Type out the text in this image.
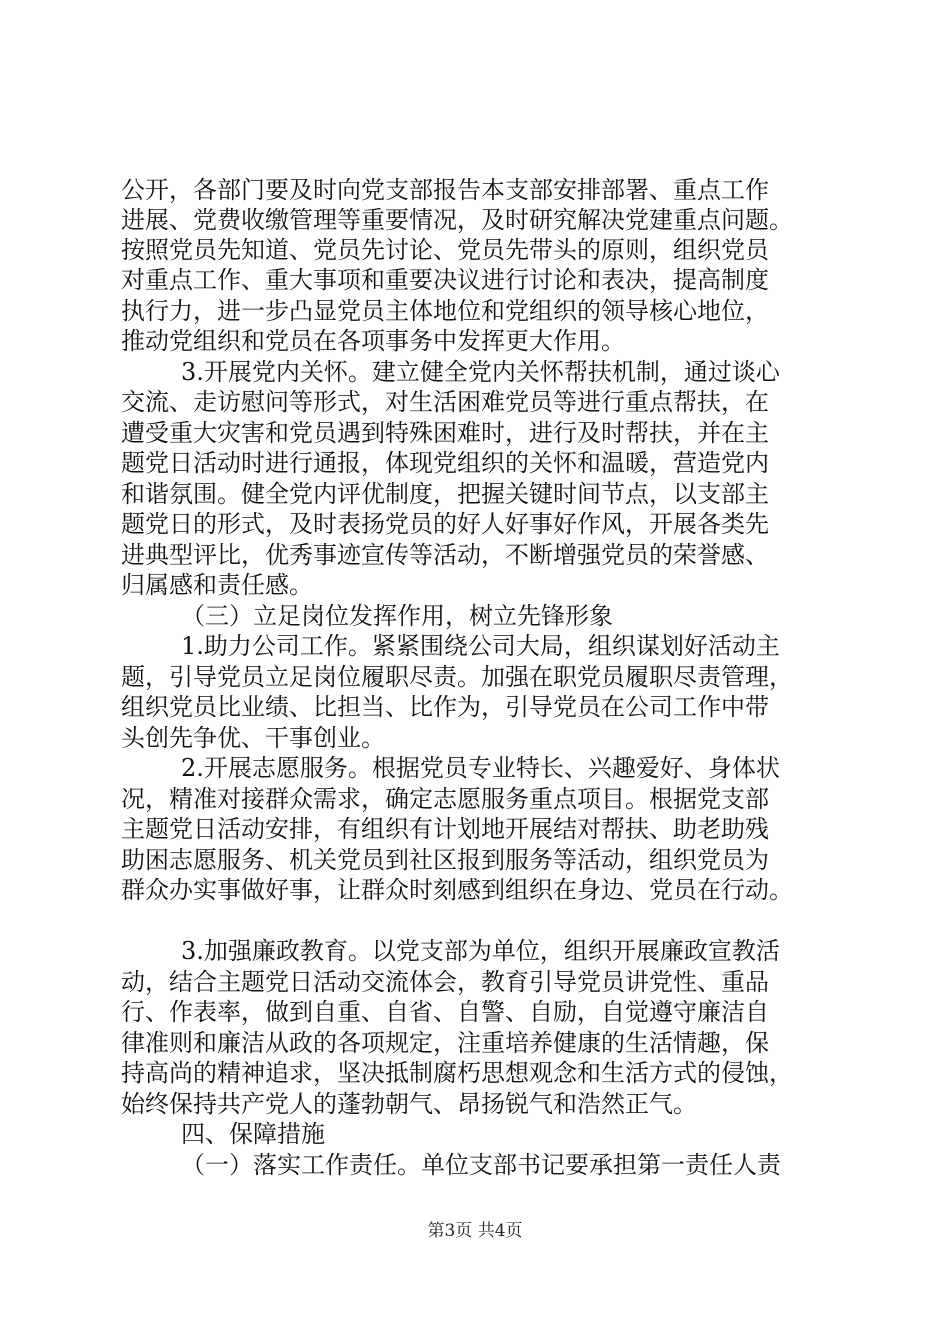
公开，各部门要及时向党支部报告本支部安排部署、重点工作
进展、党费收缴管理等重要情况，及时研究解决党建重点问题。
按照党员先知道、党员先讨论、党员先带头的原则，组织党员
对重点工作、重大事项和重要决议进行讨论和表决，提高制度
执行力，进一步凸显党员主体地位和党组织的领导核心地位，
推动党组织和党员在各项事务中发挥更大作用。
3.开展党内关怀。建立健全党内关怀帮扶机制，通过谈心
交流、走访慰问等形式，对生活困难党员等进行重点帮扶，在
遭受重大灾害和党员遇到特殊困难时，进行及时帮扶，并在主
题党日活动时进行通报，体现党组织的关怀和温暖，营造党内
和谐氛围。健全党内评优制度，把握关键时间节点，以支部主
题党日的形式，及时表扬党员的好人好事好作风，开展各类先
进典型评比，优秀事迹宣传等活动，不断增强党员的荣誉感、
归属感和责任感。
（三）立足岗位发挥作用，树立先锋形象
1.助力公司工作。紧紧围绕公司大局，组织谋划好活动主
题，引导党员立足岗位履职尽责。加强在职党员履职尽责管理，
组织党员比业绩、比担当、比作为，引导党员在公司工作中带
头创先争优、干事创业。
2.开展志愿服务。根据党员专业特长、兴趣爱好、身体状
况，精准对接群众需求，确定志愿服务重点项目。根据党支部
主题党日活动安排，有组织有计划地开展结对帮扶、助老助残
助困志愿服务、机关党员到社区报到服务等活动，组织党员为
群众办实事做好事，让群众时刻感到组织在身边、党员在行动。
3.加强廉政教育。以党支部为单位，组织开展廉政宣教活
动，结合主题党日活动交流体会，教育引导党员讲党性、重品
行、作表率，做到自重、自省、自警、自励，自觉遵守廉洁自
律准则和廉洁从政的各项规定，注重培养健康的生活情趣，保
持高尚的精神追求，坚决抵制腐朽思想观念和生活方式的侵蚀，
始终保持共产党人的蓬勃朝气、昂扬锐气和浩然正气。
四、保障措施
（一）落实工作责任。单位支部书记要承担第一责任人责
第3页 共4页
